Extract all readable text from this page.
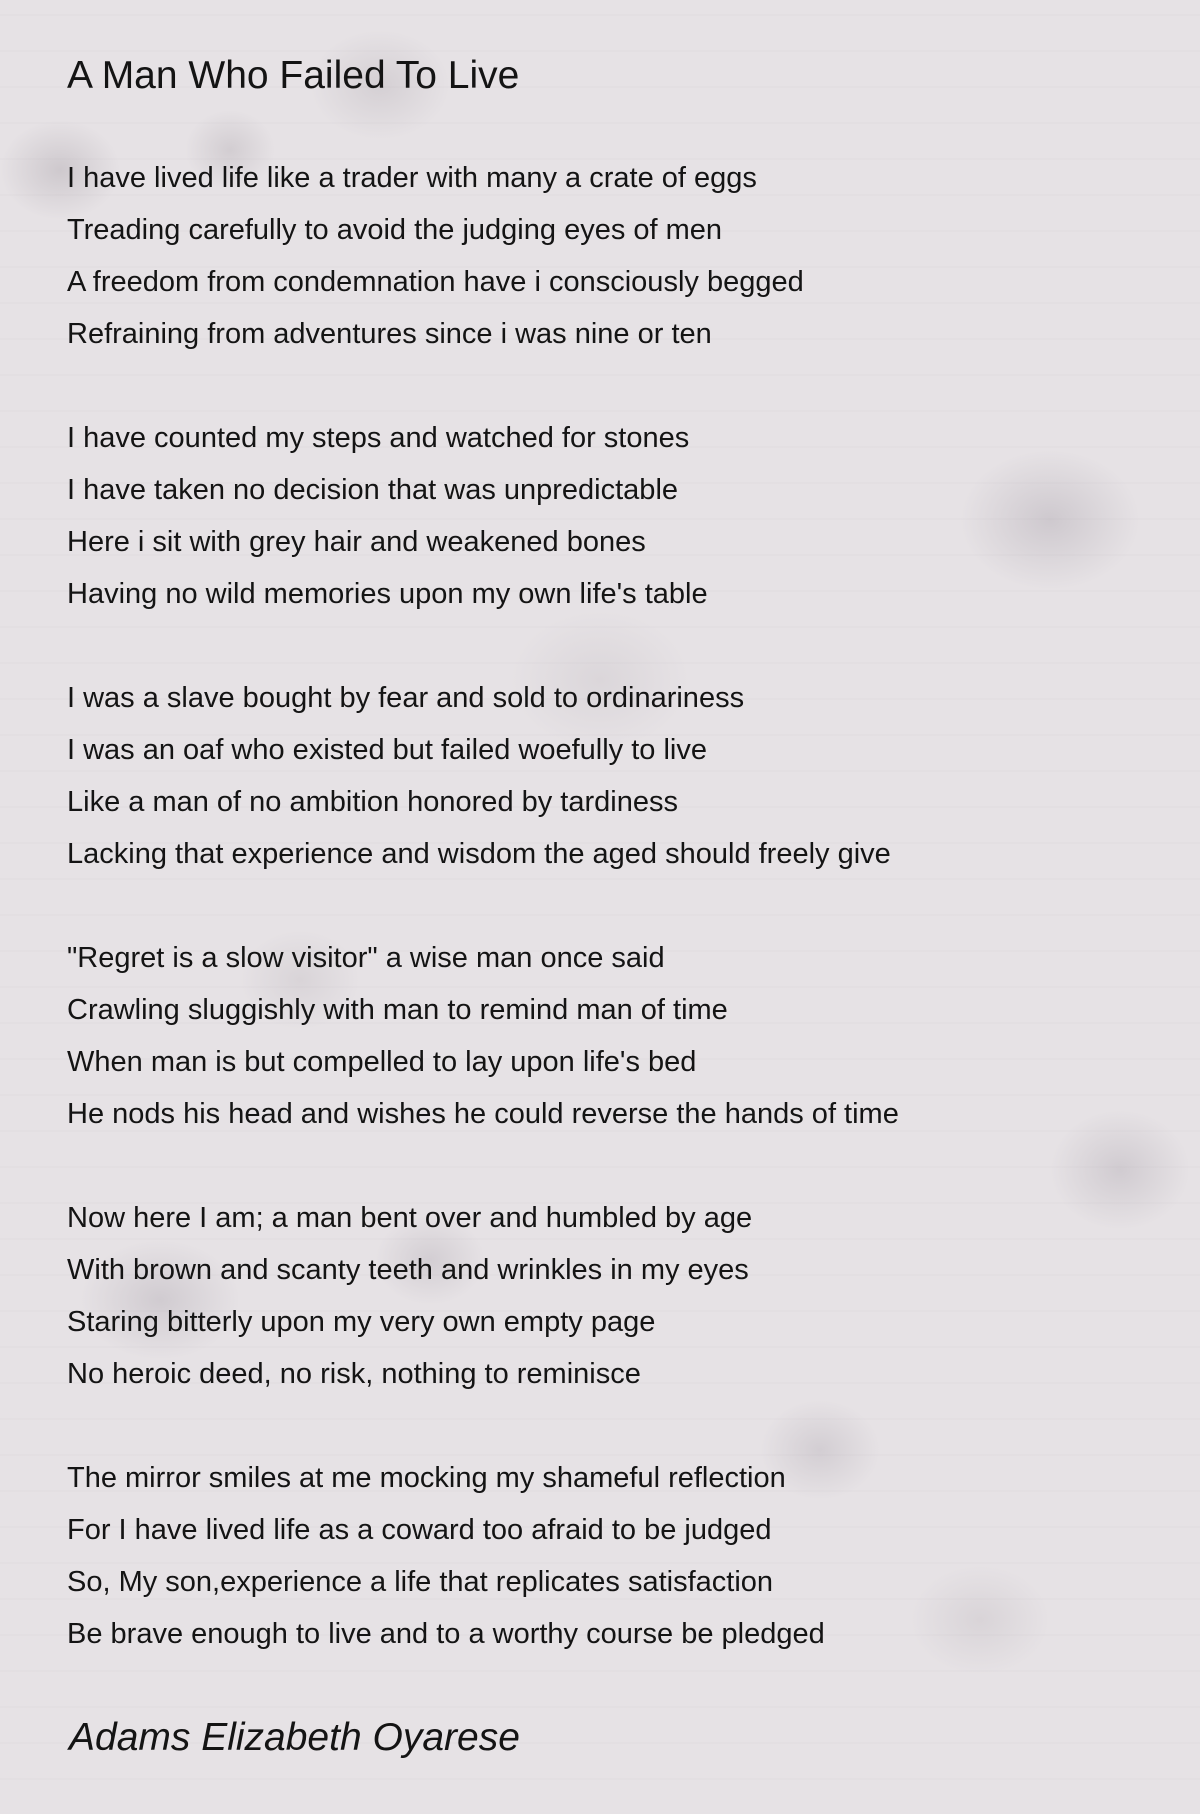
A Man Who Failed To Live
I have lived life like a trader with many a crate of eggs
Treading carefully to avoid the judging eyes of men
A freedom from condemnation have i consciously begged
Refraining from adventures since i was nine or ten
I have counted my steps and watched for stones
I have taken no decision that was unpredictable
Here i sit with grey hair and weakened bones
Having no wild memories upon my own life's table
I was a slave bought by fear and sold to ordinariness
I was an oaf who existed but failed woefully to live
Like a man of no ambition honored by tardiness
Lacking that experience and wisdom the aged should freely give
"Regret is a slow visitor" a wise man once said
Crawling sluggishly with man to remind man of time
When man is but compelled to lay upon life's bed
He nods his head and wishes he could reverse the hands of time
Now here I am; a man bent over and humbled by age
With brown and scanty teeth and wrinkles in my eyes
Staring bitterly upon my very own empty page
No heroic deed, no risk, nothing to reminisce
The mirror smiles at me mocking my shameful reflection
For I have lived life as a coward too afraid to be judged
So, My son,experience a life that replicates satisfaction
Be brave enough to live and to a worthy course be pledged

Adams Elizabeth Oyarese
